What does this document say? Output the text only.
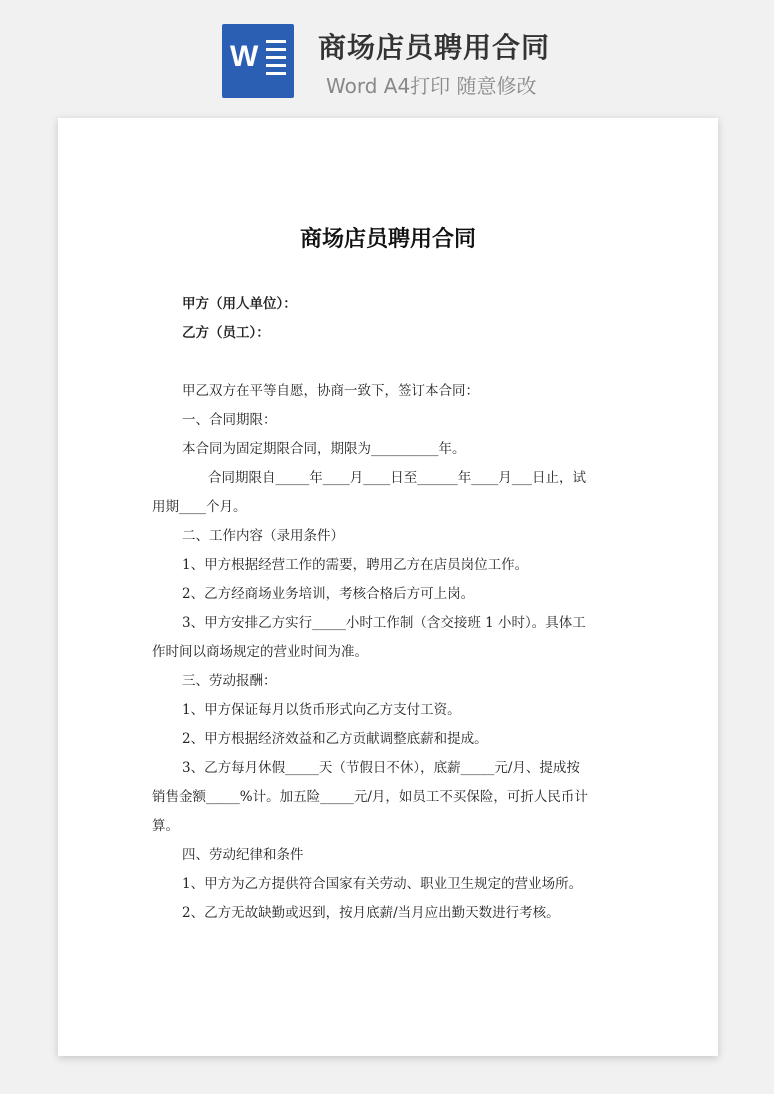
W 商场店员聘用合同
Word A4打印 随意修改

商场店员聘用合同
甲方（用人单位）：
乙方（员工）：
甲乙双方在平等自愿，协商一致下，签订本合同：
一、合同期限：
本合同为固定期限合同，期限为__________年。
合同期限自_____年____月____日至______年____月___日止，试
用期____个月。
二、工作内容（录用条件）
1、甲方根据经营工作的需要，聘用乙方在店员岗位工作。
2、乙方经商场业务培训，考核合格后方可上岗。
3、甲方安排乙方实行_____小时工作制（含交接班 1 小时）。具体工
作时间以商场规定的营业时间为准。
三、劳动报酬：
1、甲方保证每月以货币形式向乙方支付工资。
2、甲方根据经济效益和乙方贡献调整底薪和提成。
3、乙方每月休假_____天（节假日不休），底薪_____元/月、提成按
销售金额_____%计。加五险_____元/月，如员工不买保险，可折人民币计
算。
四、劳动纪律和条件
1、甲方为乙方提供符合国家有关劳动、职业卫生规定的营业场所。
2、乙方无故缺勤或迟到，按月底薪/当月应出勤天数进行考核。
